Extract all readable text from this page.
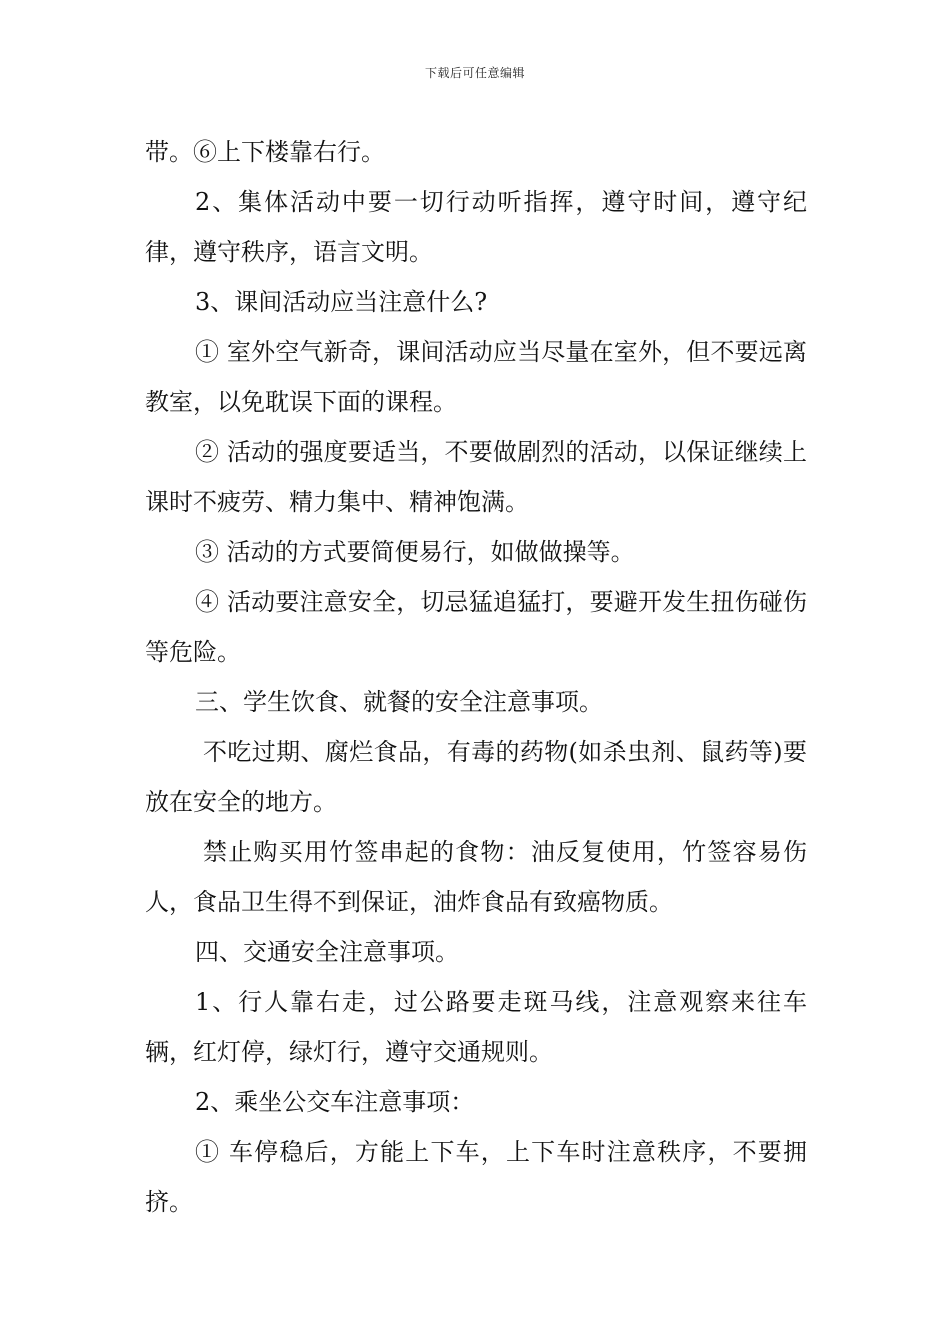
下载后可任意编辑

带。⑥上下楼靠右行。

2、集体活动中要一切行动听指挥，遵守时间，遵守纪律，遵守秩序，语言文明。

3、课间活动应当注意什么?

① 室外空气新奇，课间活动应当尽量在室外，但不要远离教室，以免耽误下面的课程。

② 活动的强度要适当，不要做剧烈的活动，以保证继续上课时不疲劳、精力集中、精神饱满。

③ 活动的方式要简便易行，如做做操等。

④ 活动要注意安全，切忌猛追猛打，要避开发生扭伤碰伤等危险。

三、学生饮食、就餐的安全注意事项。

不吃过期、腐烂食品，有毒的药物(如杀虫剂、鼠药等)要放在安全的地方。

禁止购买用竹签串起的食物：油反复使用，竹签容易伤人，食品卫生得不到保证，油炸食品有致癌物质。

四、交通安全注意事项。

1、行人靠右走，过公路要走斑马线，注意观察来往车辆，红灯停，绿灯行，遵守交通规则。

2、乘坐公交车注意事项：

① 车停稳后，方能上下车，上下车时注意秩序，不要拥挤。
